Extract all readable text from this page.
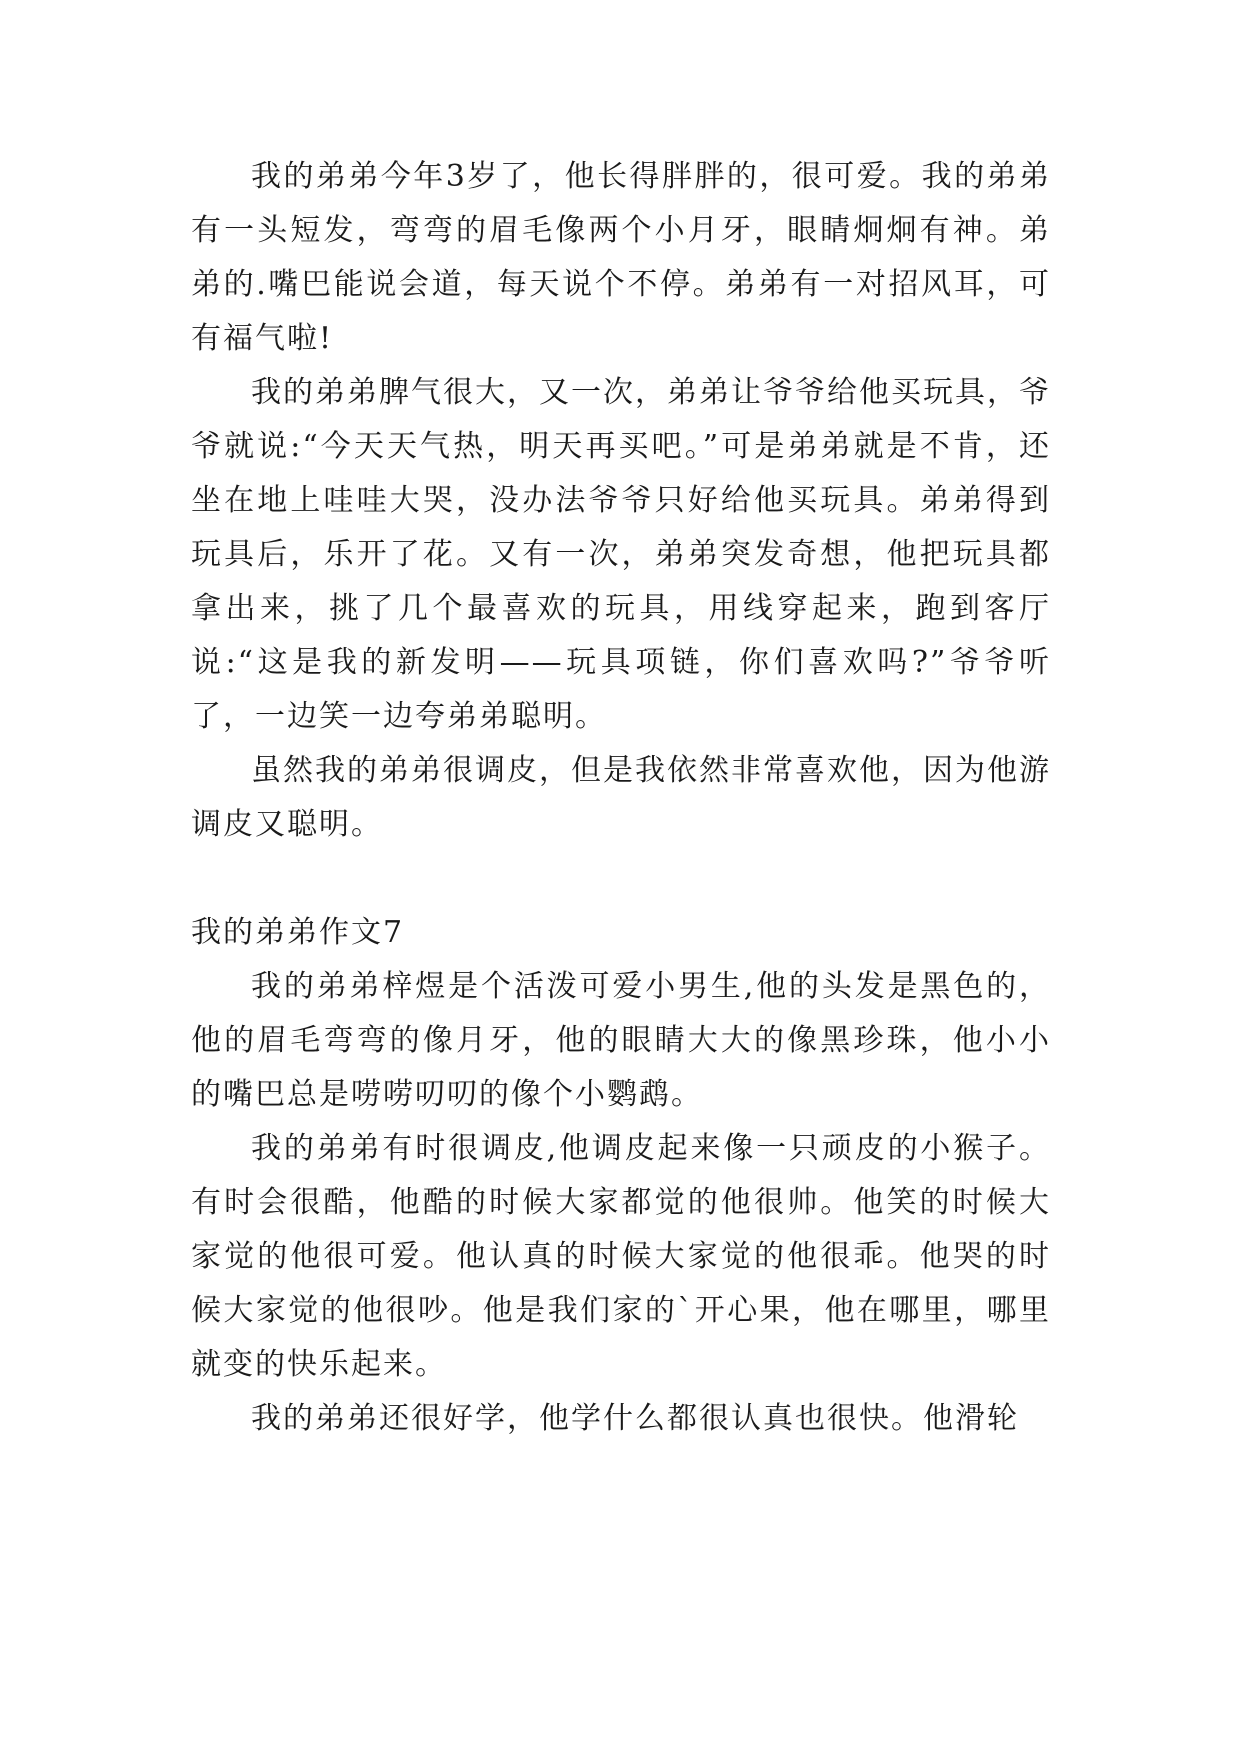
我的弟弟今年3岁了，他长得胖胖的，很可爱。我的弟弟有一头短发，弯弯的眉毛像两个小月牙，眼睛炯炯有神。弟弟的.嘴巴能说会道，每天说个不停。弟弟有一对招风耳，可有福气啦!

我的弟弟脾气很大，又一次，弟弟让爷爷给他买玩具，爷爷就说:“今天天气热，明天再买吧。”可是弟弟就是不肯，还坐在地上哇哇大哭，没办法爷爷只好给他买玩具。弟弟得到玩具后，乐开了花。又有一次，弟弟突发奇想，他把玩具都拿出来，挑了几个最喜欢的玩具，用线穿起来，跑到客厅说:“这是我的新发明——玩具项链，你们喜欢吗?”爷爷听了，一边笑一边夸弟弟聪明。

虽然我的弟弟很调皮，但是我依然非常喜欢他，因为他游调皮又聪明。

我的弟弟作文7

我的弟弟梓煜是个活泼可爱小男生,他的头发是黑色的，他的眉毛弯弯的像月牙，他的眼睛大大的像黑珍珠，他小小的嘴巴总是唠唠叨叨的像个小鹦鹉。

我的弟弟有时很调皮,他调皮起来像一只顽皮的小猴子。有时会很酷，他酷的时候大家都觉的他很帅。他笑的时候大家觉的他很可爱。他认真的时候大家觉的他很乖。他哭的时候大家觉的他很吵。他是我们家的`开心果，他在哪里，哪里就变的快乐起来。

我的弟弟还很好学，他学什么都很认真也很快。他滑轮
